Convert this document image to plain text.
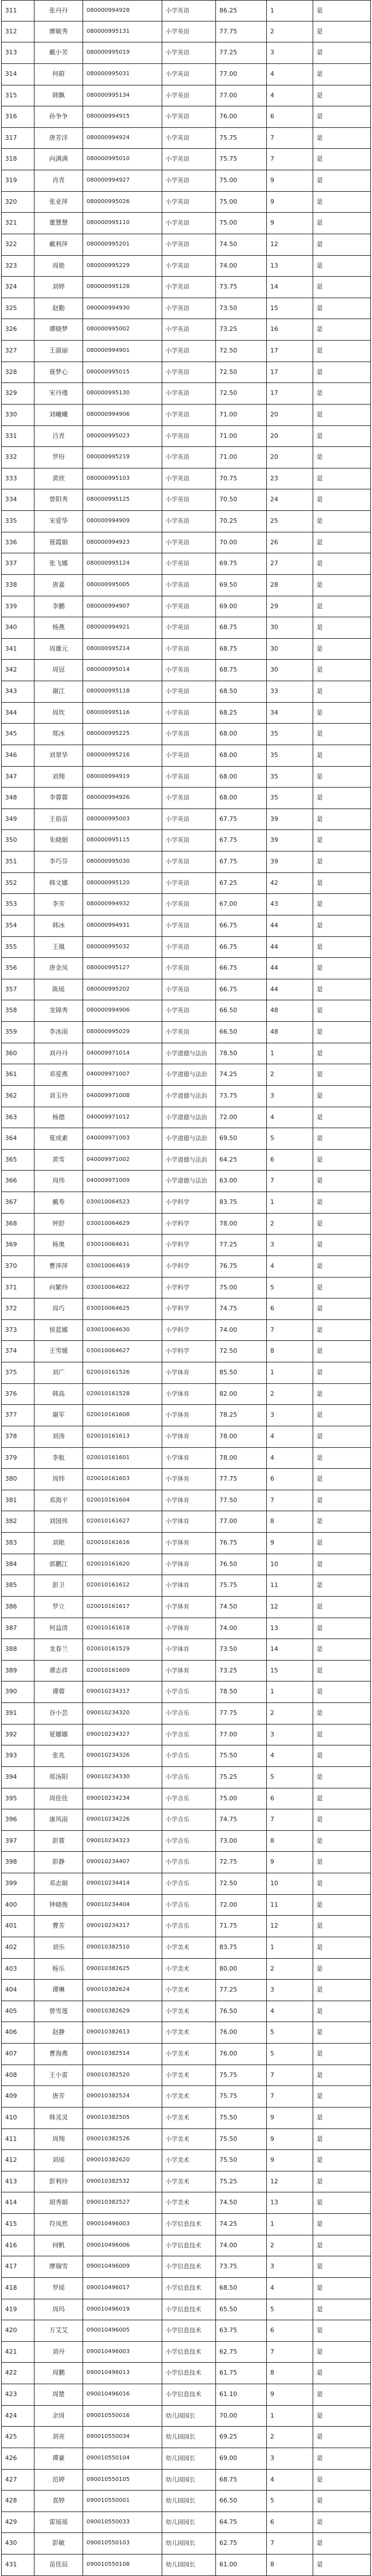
311	张丹丹	080000994928	小学英语	86.25	1	是
312	廖敏秀	080000995131	小学英语	77.75	2	是
313	戴小芳	080000995019	小学英语	77.25	3	是
314	何蔚	080000995031	小学英语	77.00	4	是
315	韩飘	080000995134	小学英语	77.00	4	是
316	孙争争	080000994915	小学英语	76.00	6	是
317	唐芳洋	080000994924	小学英语	75.75	7	是
318	向满满	080000995010	小学英语	75.75	7	是
319	肖青	080000994927	小学英语	75.00	9	是
320	张亚萍	080000995026	小学英语	75.00	9	是
321	董慧慧	080000995110	小学英语	75.00	9	是
322	戴利萍	080000995201	小学英语	74.50	12	是
323	周艳	080000995229	小学英语	74.00	13	是
324	刘婷	080000995128	小学英语	73.75	14	是
325	赵勤	080000994930	小学英语	73.50	15	是
326	谭晓梦	080000995002	小学英语	73.25	16	是
327	王淑丽	080000994901	小学英语	72.50	17	是
328	聂梦心	080000995015	小学英语	72.50	17	是
329	宋丹瑾	080000995130	小学英语	72.50	17	是
330	刘曦曦	080000994906	小学英语	71.00	20	是
331	吕青	080000995023	小学英语	71.00	20	是
332	罗玢	080000995219	小学英语	71.00	20	是
333	黄欣	080000995103	小学英语	70.75	23	是
334	曾阳秀	080000995125	小学英语	70.50	24	是
335	宋爱华	080000994909	小学英语	70.25	25	是
336	聂霞娟	080000994923	小学英语	70.00	26	是
337	张飞娜	080000995124	小学英语	69.75	27	是
338	唐嘉	080000995005	小学英语	69.50	28	是
339	李鹏	080000994907	小学英语	69.00	29	是
340	杨燕	080000994921	小学英语	68.75	30	是
341	周雄元	080000995214	小学英语	68.75	30	是
342	周冠	080000995014	小学英语	68.75	30	是
343	谢江	080000995118	小学英语	68.50	33	是
344	周坎	080000995116	小学英语	68.25	34	是
345	郑冰	080000995225	小学英语	68.00	35	是
346	刘翠华	080000995216	小学英语	68.00	35	是
347	刘翔	080000994919	小学英语	68.00	35	是
348	李蓉蓉	080000994926	小学英语	68.00	35	是
349	王俗苗	080000995003	小学英语	67.75	39	是
350	朱晓娟	080000995115	小学英语	67.75	39	是
351	李巧芬	080000995030	小学英语	67.75	39	是
352	韩文娜	080000995120	小学英语	67.25	42	是
353	李芳	080000994932	小学英语	67.00	43	是
354	韩冰	080000994931	小学英语	66.75	44	是
355	王凰	080000995032	小学英语	66.75	44	是
356	唐金凤	080000995127	小学英语	66.75	44	是
357	陈瑶	080000995202	小学英语	66.75	44	是
358	龙锦秀	080000994906	小学英语	66.50	48	是
359	李冰雨	080000995029	小学英语	66.50	48	是
360	刘丹丹	040009971014	小学道德与法治	78.50	1	是
361	邓爱燕	040009971007	小学道德与法治	74.25	2	是
362	刘玉玲	040009971008	小学道德与法治	73.75	3	是
363	杨德	040009971012	小学道德与法治	72.00	4	是
364	夏成素	040009971003	小学道德与法治	69.50	5	是
365	黄雪	040009971002	小学道德与法治	64.25	6	是
366	周伟	040009971009	小学道德与法治	63.00	7	是
367	戴寿	030010064523	小学科学	83.75	1	是
368	钟舒	030010064629	小学科学	78.00	2	是
369	杨奥	030010064631	小学科学	77.25	3	是
370	曹萍萍	030010064619	小学科学	76.75	4	是
371	向繁玲	030010064622	小学科学	75.00	5	是
372	周巧	030010064625	小学科学	74.75	6	是
373	侯蓝娜	030010064630	小学科学	74.00	7	是
374	王雪媛	030010064627	小学科学	72.50	8	是
375	刘广	020010161526	小学体育	85.50	1	是
376	韩高	020010161528	小学体育	82.00	2	是
377	谢军	020010161608	小学体育	78.25	3	是
378	刘涛	020010161613	小学体育	78.00	4	是
379	李航	020010161601	小学体育	78.00	4	是
380	周炜	020010161603	小学体育	77.75	6	是
381	邓海平	020010161604	小学体育	77.50	7	是
382	刘国伟	020010161627	小学体育	77.00	8	是
383	刘艳	020010161616	小学体育	76.75	9	是
384	郭鹏江	020010161620	小学体育	76.50	10	是
385	彭卫	020010161612	小学体育	75.75	11	是
386	罗立	020010161617	小学体育	74.50	12	是
387	何益清	020010161618	小学体育	74.00	13	是
388	龙春兰	020010161529	小学体育	73.50	14	是
389	谭志祥	020010161609	小学体育	73.25	15	是
390	谭蓉	090010234317	小学音乐	78.50	1	是
391	谷小芸	090010234320	小学音乐	77.75	2	是
392	夏娜娜	090010234327	小学音乐	77.00	3	是
393	张兆	090010234326	小学音乐	75.50	4	是
394	郑汤阳	090010234330	小学音乐	75.25	5	是
395	周佳佳	090010234234	小学音乐	75.00	6	是
396	康风雨	090010234226	小学音乐	74.75	7	是
397	彭蓉	090010234323	小学音乐	73.00	8	是
398	彭静	090010234407	小学音乐	72.75	9	是
399	邓志娟	090010234414	小学音乐	72.50	10	是
400	钟晓俊	090010234404	小学音乐	72.00	11	是
401	曹芳	090010234317	小学音乐	71.75	12	是
402	刘乐	090010382510	小学美术	83.75	1	是
403	杨乐	090010382625	小学美术	80.00	2	是
404	谭琳	090010382624	小学美术	77.25	3	是
405	曾雪莲	090010382629	小学美术	76.50	4	是
406	赵静	090010382613	小学美术	76.00	5	是
407	曹海燕	090010382514	小学美术	76.00	5	是
408	王小雷	090010382520	小学美术	75.75	7	是
409	唐芳	090010382524	小学美术	75.75	7	是
410	韩灵灵	090010382505	小学美术	75.50	9	是
411	周翔	090010382526	小学美术	75.50	9	是
412	刘瑶	090010382620	小学美术	75.50	9	是
413	彭利玲	090010382532	小学美术	75.25	12	是
414	胡秀娟	090010382527	小学美术	74.50	13	是
415	符凤然	090010496003	小学信息技术	74.25	1	是
416	何帆	090010496006	小学信息技术	74.00	2	是
417	廖瑞雪	090010496009	小学信息技术	73.75	3	是
418	罗瑶	090010496017	小学信息技术	68.50	4	是
419	周玛	090010496019	小学信息技术	65.50	5	是
420	万艾艾	090010496005	小学信息技术	63.75	6	是
421	刘丹	090010496003	小学信息技术	62.75	7	是
422	周鹏	090010496013	小学信息技术	61.75	8	是
423	周楚	090010496016	小学信息技术	61.10	9	是
424	余周	090010550016	幼儿园园长	70.00	1	是
425	刘亮	090010550034	幼儿园园长	69.25	2	是
426	谭豪	090010550104	幼儿园园长	69.00	3	是
427	范婷	090010550105	幼儿园园长	68.75	4	是
428	袁婷	090010550001	幼儿园园长	66.50	5	是
429	雷瑶瑶	090010550033	幼儿园园长	64.75	6	是
430	彭敏	090010550103	幼儿园园长	62.75	7	是
431	苗佳辰	090010550108	幼儿园园长	61.00	8	是
